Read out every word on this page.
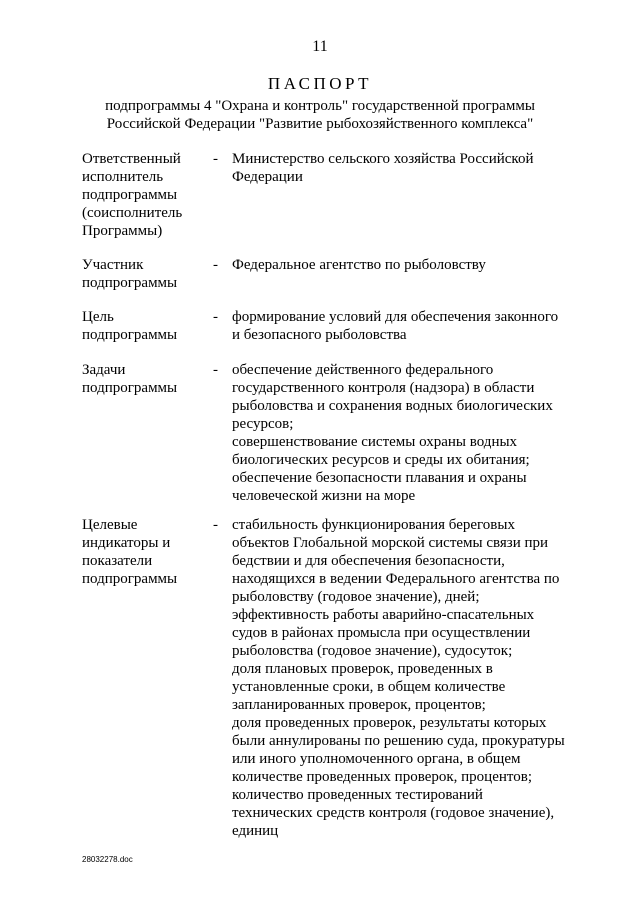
11
ПАСПОРТ
подпрограммы 4 "Охрана и контроль" государственной программы
Российской Федерации "Развитие рыбохозяйственного комплекса"
Ответственный
исполнитель
подпрограммы
(соисполнитель
Программы)
- Министерство сельского хозяйства Российской
Федерации
Участник
подпрограммы
- Федеральное агентство по рыболовству
Цель
подпрограммы
- формирование условий для обеспечения законного
и безопасного рыболовства
Задачи
подпрограммы
- обеспечение действенного федерального
государственного контроля (надзора) в области
рыболовства и сохранения водных биологических
ресурсов;
совершенствование системы охраны водных
биологических ресурсов и среды их обитания;
обеспечение безопасности плавания и охраны
человеческой жизни на море
Целевые
индикаторы и
показатели
подпрограммы
- стабильность функционирования береговых
объектов Глобальной морской системы связи при
бедствии и для обеспечения безопасности,
находящихся в ведении Федерального агентства по
рыболовству (годовое значение), дней;
эффективность работы аварийно-спасательных
судов в районах промысла при осуществлении
рыболовства (годовое значение), судосуток;
доля плановых проверок, проведенных в
установленные сроки, в общем количестве
запланированных проверок, процентов;
доля проведенных проверок, результаты которых
были аннулированы по решению суда, прокуратуры
или иного уполномоченного органа, в общем
количестве проведенных проверок, процентов;
количество проведенных тестирований
технических средств контроля (годовое значение),
единиц
28032278.doc
